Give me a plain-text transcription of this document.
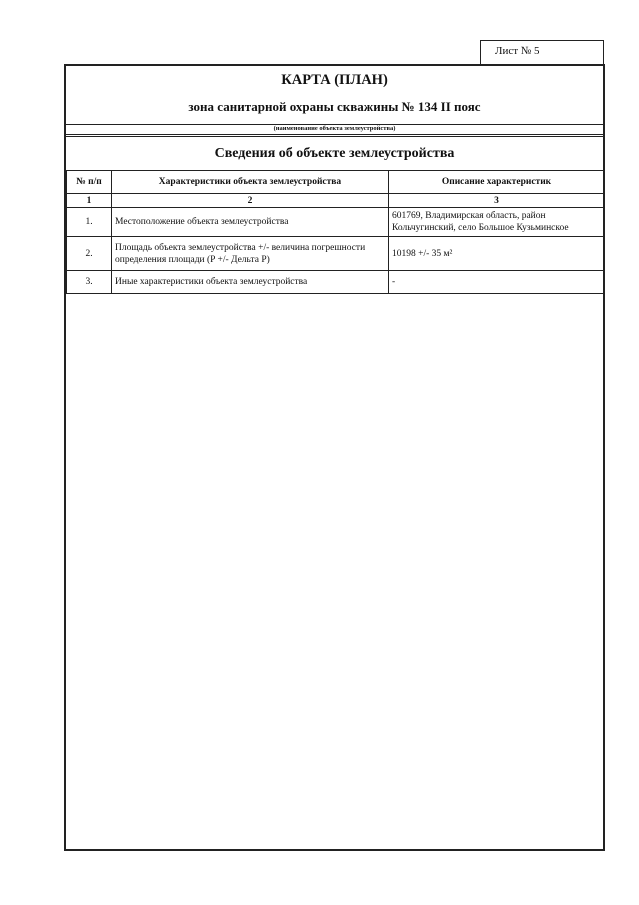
Лист № 5
КАРТА (ПЛАН)
зона санитарной охраны скважины № 134 II пояс
(наименование объекта землеустройства)
Сведения об объекте землеустройства
№ п/п	Характеристики объекта землеустройства	Описание характеристик
1	2	3
1.	Местоположение объекта землеустройства	601769, Владимирская область, район Кольчугинский, село Большое Кузьминское
2.	Площадь объекта землеустройства +/- величина погрешности определения площади (P +/- Дельта P)	10198 +/- 35 м²
3.	Иные характеристики объекта землеустройства	-
